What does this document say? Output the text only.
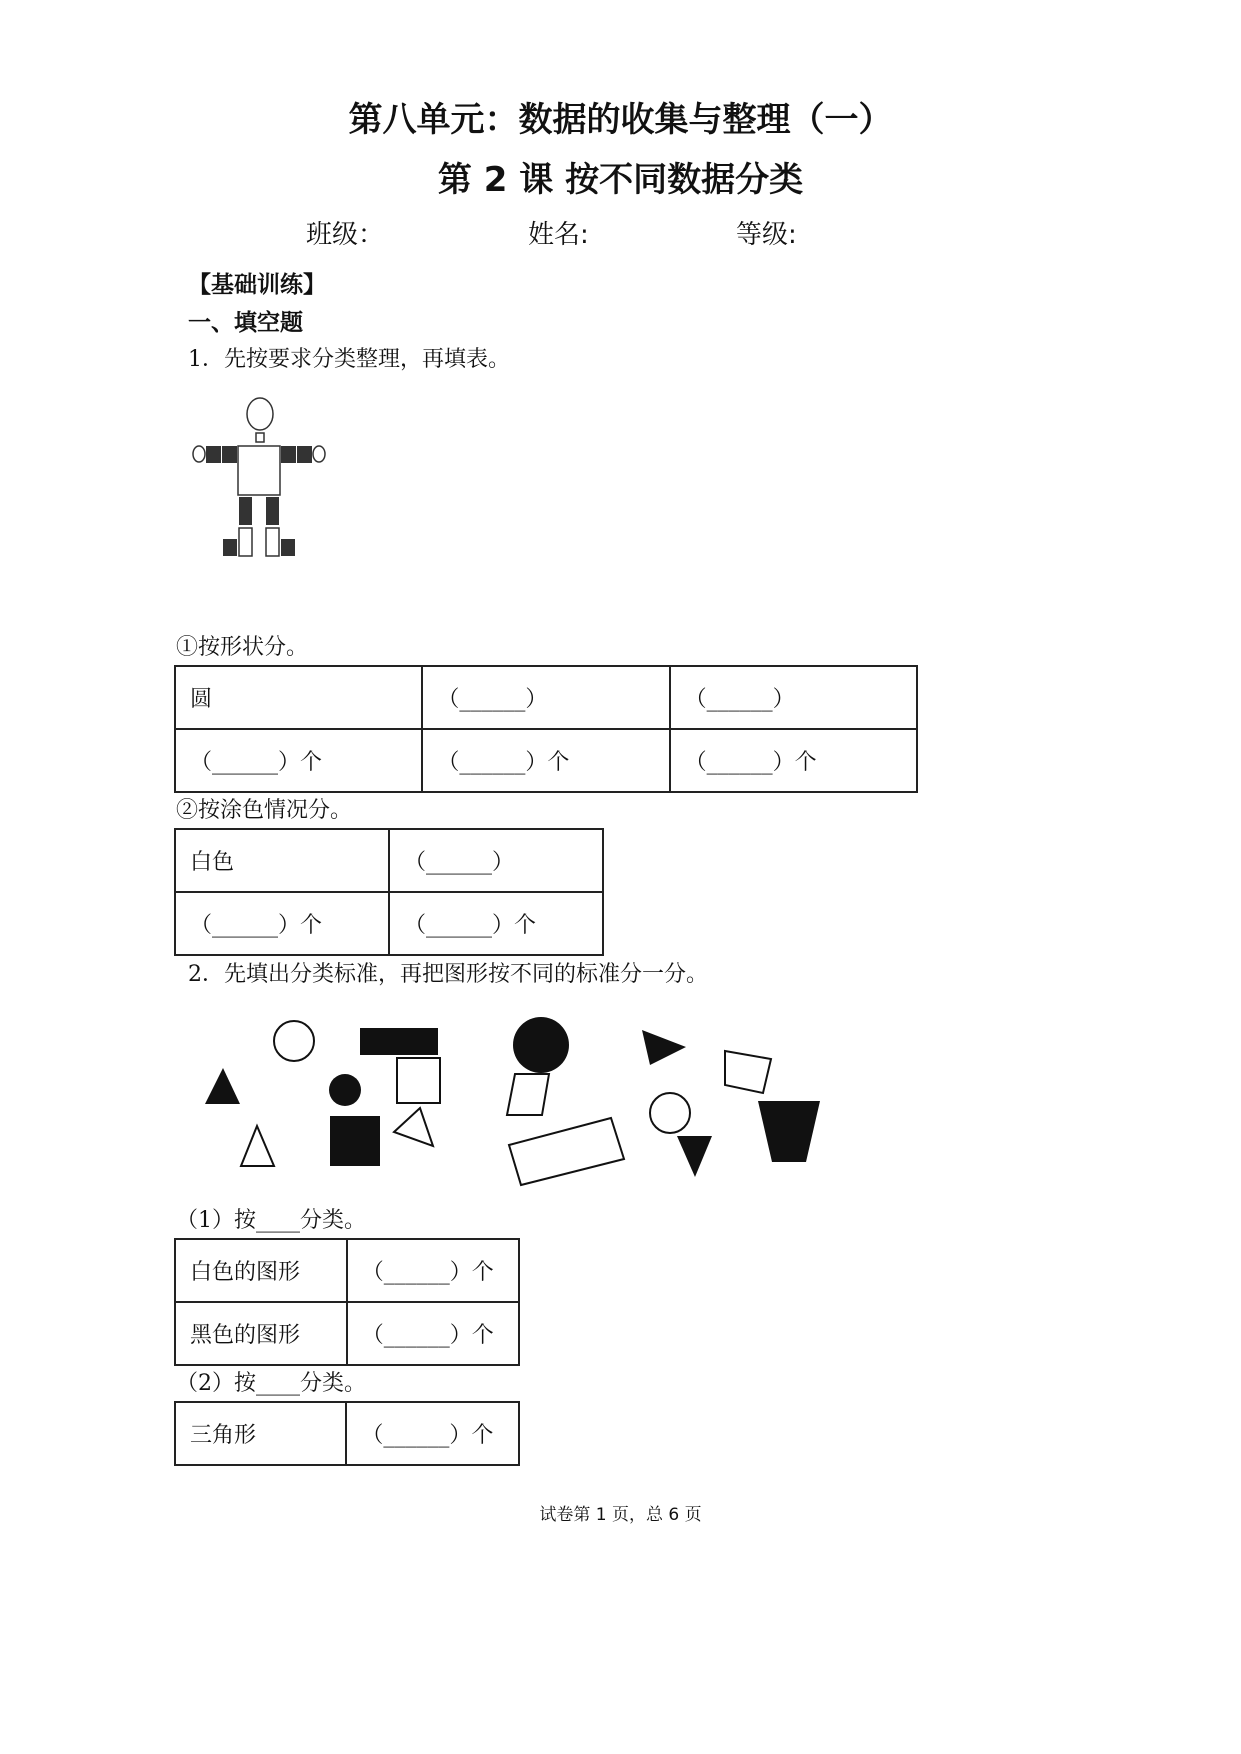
第八单元：数据的收集与整理（一）
第 2 课 按不同数据分类
班级：	姓名:	等级:
【基础训练】
一、填空题
1．先按要求分类整理，再填表。
①按形状分。
圆	（______）	（______）
（______）个	（______）个	（______）个
②按涂色情况分。
白色	（______）
（______）个	（______）个
2．先填出分类标准，再把图形按不同的标准分一分。
（1）按____分类。
白色的图形	（______）个
黑色的图形	（______）个
（2）按____分类。
三角形	（______）个
试卷第 1 页，总 6 页
